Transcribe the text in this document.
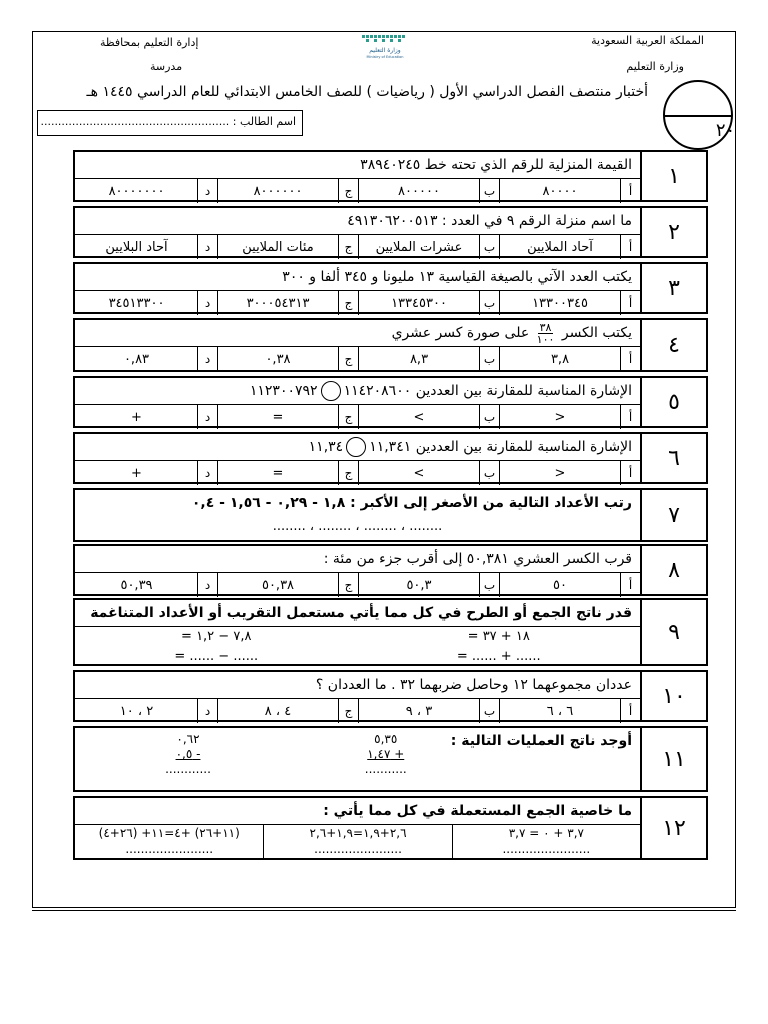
المملكة العربية السعودية
وزارة التعليم
إدارة التعليم بمحافظة
مدرسة
وزارة التعليم
Ministry of Education
أختبار منتصف الفصل الدراسي الأول ( رياضيات ) للصف الخامس الابتدائي للعام الدراسي ١٤٤٥ هـ
اسم الطالب : ......................................................	٢٠
١
القيمة المنزلية للرقم الذي تحته خط ٣٨٩٤٠٢٤٥
أ
٨٠٠٠٠
ب
٨٠٠٠٠٠
ج
٨٠٠٠٠٠٠
د
٨٠٠٠٠٠٠٠
٢
ما اسم منزلة الرقم ٩ في العدد : ٤٩١٣٠٦٢٠٠٥١٣
أ
آحاد الملايين
ب
عشرات الملايين
ج
مئات الملايين
د
آحاد البلايين
٣
يكتب العدد الآتي بالصيغة القياسية ١٣ مليونا و ٣٤٥ ألفا و ٣٠٠
أ
١٣٣٠٠٣٤٥
ب
١٣٣٤٥٣٠٠
ج
٣٠٠٠٥٤٣١٣
د
٣٤٥١٣٣٠٠
٤
يكتب الكسر
$\frac{٣٨}{١٠٠}$
على صورة كسر عشري
أ
٣,٨
ب
٨,٣
ج
٠,٣٨
د
٠,٨٣
٥
الإشارة المناسبة للمقارنة بين العددين ١١٤٢٠٨٦٠٠١١٢٣٠٠٧٩٢
أ
<
ب
>
ج
=
د
+
٦
الإشارة المناسبة للمقارنة بين العددين ١١,٣٤١١١,٣٤
أ
<
ب
>
ج
=
د
+
٧
رتب الأعداد التالية من الأصغر إلى الأكبر : ١,٨ - ٠,٢٩ - ١,٥٦ - ٠,٤
........ ، ........ ، ........ ، ........
٨
قرب الكسر العشري ٥٠,٣٨١ إلى أقرب جزء من مئة :
أ
٥٠
ب
٥٠,٣
ج
٥٠,٣٨
د
٥٠,٣٩
٩
قدر ناتج الجمع أو الطرح في كل مما يأتي مستعمل التقريب أو الأعداد المتناغمة
١٨ + ٣٧ =
...... + ...... =
٧,٨ − ١,٢ =
...... − ...... =
١٠
عددان مجموعهما ١٢ وحاصل ضربهما ٣٢ . ما العددان ؟
أ
٦ ، ٦
ب
٣ ، ٩
ج
٤ ، ٨
د
٢ ، ١٠
١١
أوجد ناتج العمليات التالية :
٥,٣٥
+ ١,٤٧
...........
٠,٦٢
- ٠,٥
............
١٢
ما خاصية الجمع المستعملة في كل مما يأتي :
٣,٧ + ٠ = ٣,٧
.......................
٢,٦+١,٩=١,٩+٢,٦
.......................
(١١+٢٦) +٤=١١+ (٢٦+٤)
.......................
